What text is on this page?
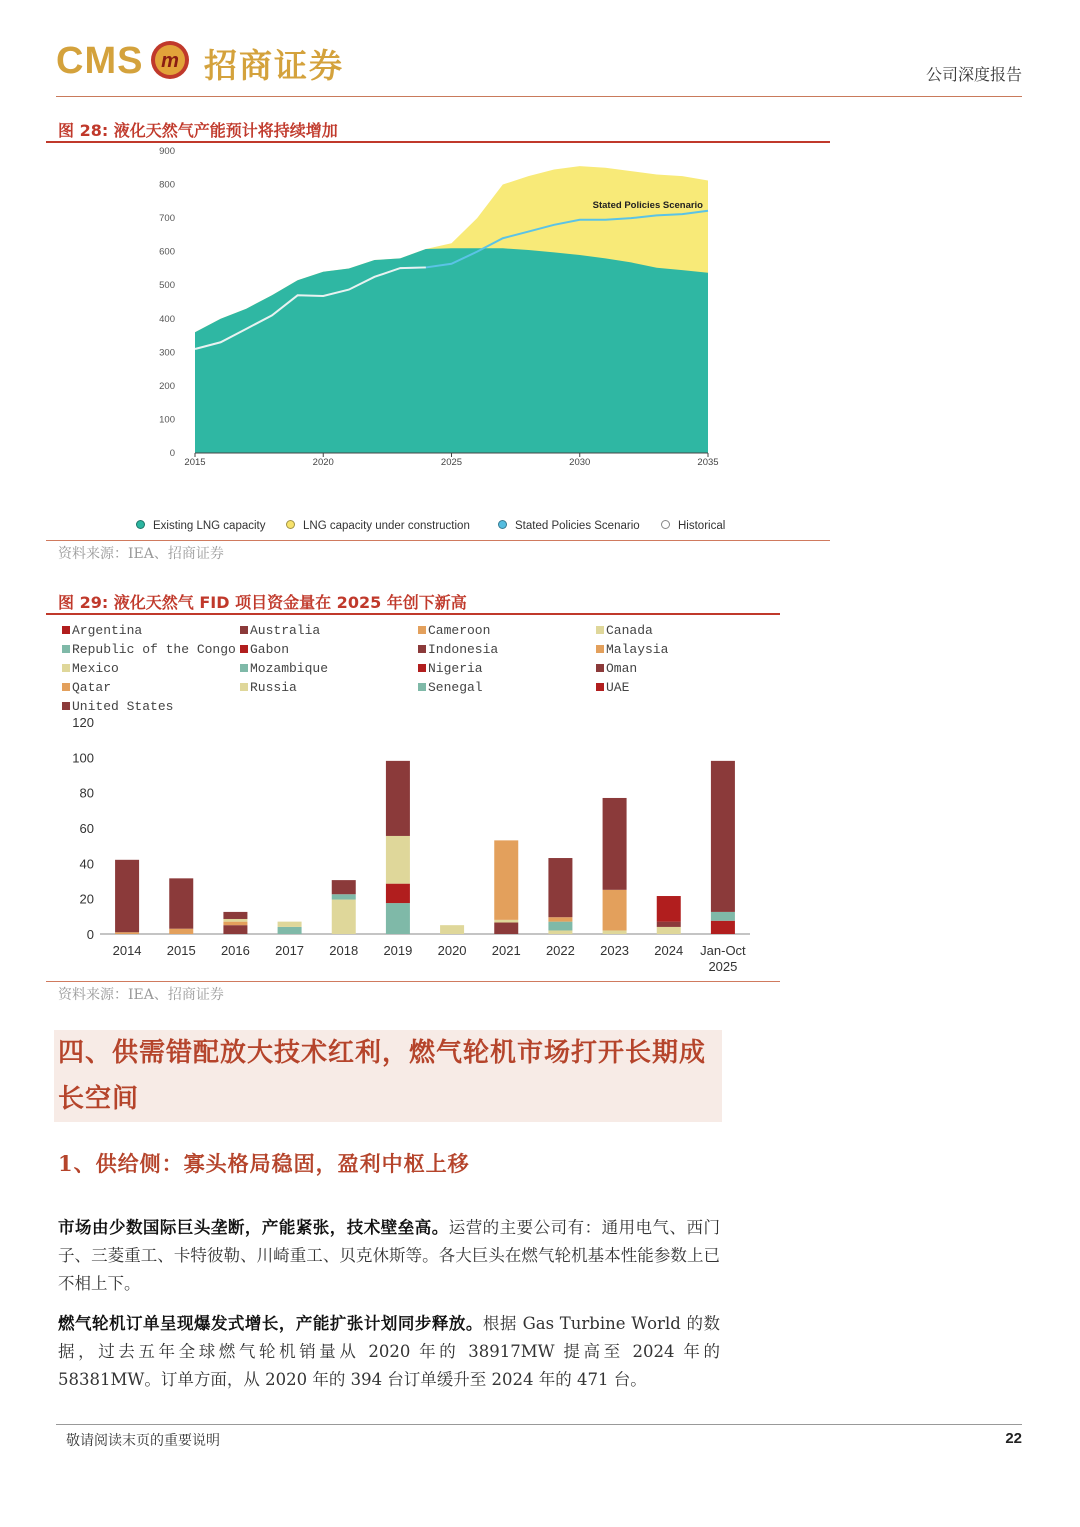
CMS m 招商证券	公司深度报告
图 28: 液化天然气产能预计将持续增加
0
100
200
300
400
500
600
700
800
900
2015	2020	2025	2030	2035
Stated Policies Scenario
Existing LNG capacity	LNG capacity under construction	Stated Policies Scenario	Historical
资料来源：IEA、招商证券
图 29: 液化天然气 FID 项目资金量在 2025 年创下新高
Argentina	Australia	Cameroon	Canada
Republic of the Congo	Gabon	Indonesia	Malaysia
Mexico	Mozambique	Nigeria	Oman
Qatar	Russia	Senegal	UAE
United States
0
20
40
60
80
100
120
2014 2015 2016 2017 2018 2019 2020 2021 2022 2023 2024 Jan-Oct
2025
资料来源：IEA、招商证券
四、供需错配放大技术红利，燃气轮机市场打开长期成长空间
1、供给侧：寡头格局稳固，盈利中枢上移
市场由少数国际巨头垄断，产能紧张，技术壁垒高。运营的主要公司有：通用电气、西门子、三菱重工、卡特彼勒、川崎重工、贝克休斯等。各大巨头在燃气轮机基本性能参数上已不相上下。
燃气轮机订单呈现爆发式增长，产能扩张计划同步释放。根据 Gas Turbine World 的数据，过去五年全球燃气轮机销量从 2020 年的 38917MW 提高至 2024 年的 58381MW。订单方面，从 2020 年的 394 台订单缓升至 2024 年的 471 台。
敬请阅读末页的重要说明	22
